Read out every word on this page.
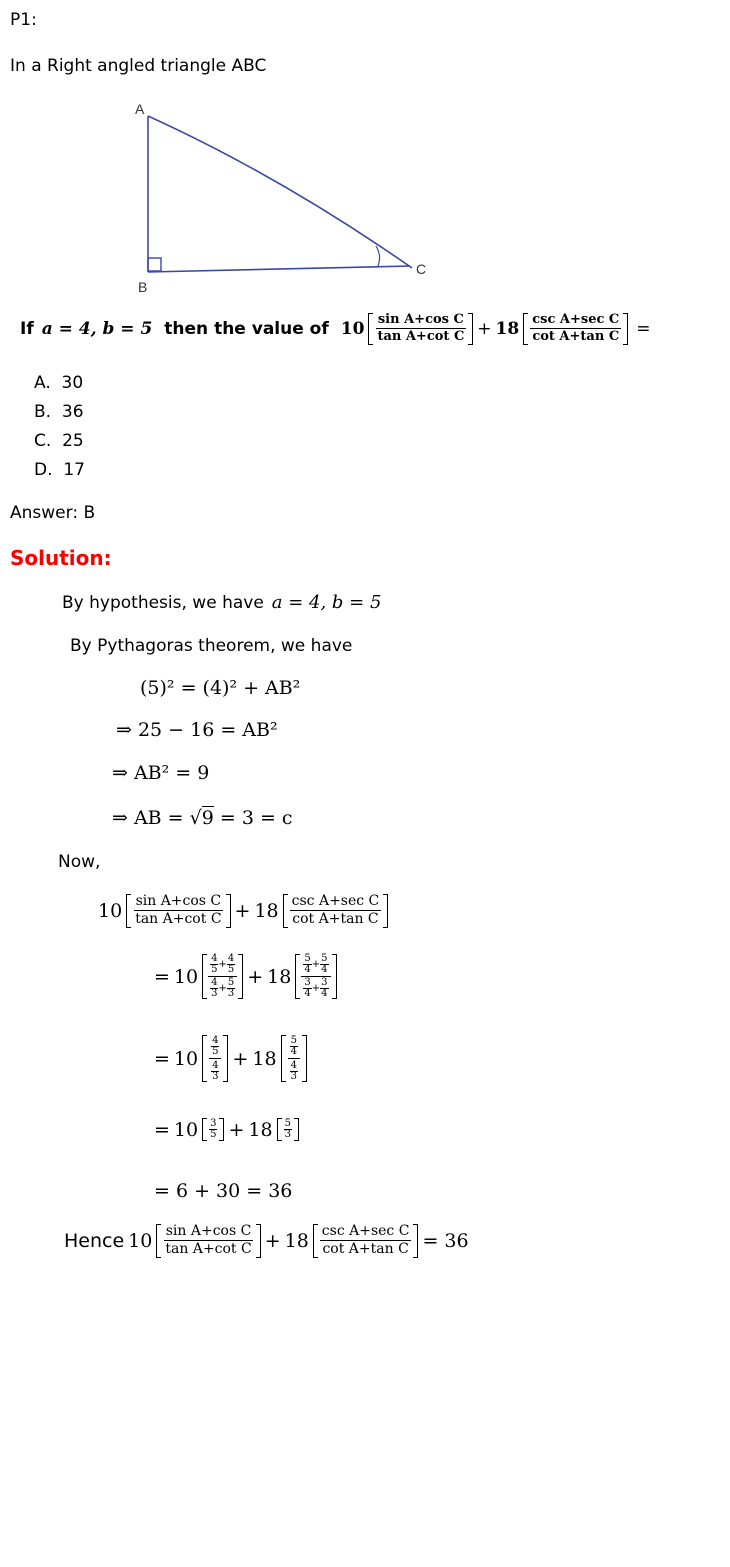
P1:
In a Right angled triangle ABC
A
B
C
If a = 4, b = 5 then the value of $10 \frac{\text{sin A+cos C}}{\text{tan A+cot C}} + 18 \frac{\text{csc A+sec C}}{\text{cot A+tan C}}$ =
A. 30
B. 36
C. 25
D. 17
Answer: B
Solution:
By hypothesis, we have a = 4, b = 5
By Pythagoras theorem, we have
(5)² = (4)² + AB²
⇒ 25 − 16 = AB²
⇒ AB² = 9
⇒ AB = √9 = 3 = c
Now,
$10 \frac{\text{sin A+cos C}}{\text{tan A+cot C}} + 18 \frac{\text{csc A+sec C}}{\text{cot A+tan C}}$
= 10 4
$5 + \frac{4}{5}$
4
$3 + \frac{5}{3} + 18$ 5
$4 + \frac{5}{4}$
3
$4 + \frac{3}{4}$
= $10 \frac{\frac{4}{5}}{\frac{4}{3}} + 18 \frac{\frac{5}{4}}{\frac{4}{3}}$
= 10 3
5 + 18 5
3
= 6 + 30 = 36
Hence $10 \frac{\text{sin A+cos C}}{\text{tan A+cot C}} + 18 \frac{\text{csc A+sec C}}{\text{cot A+tan C}} = 36$
